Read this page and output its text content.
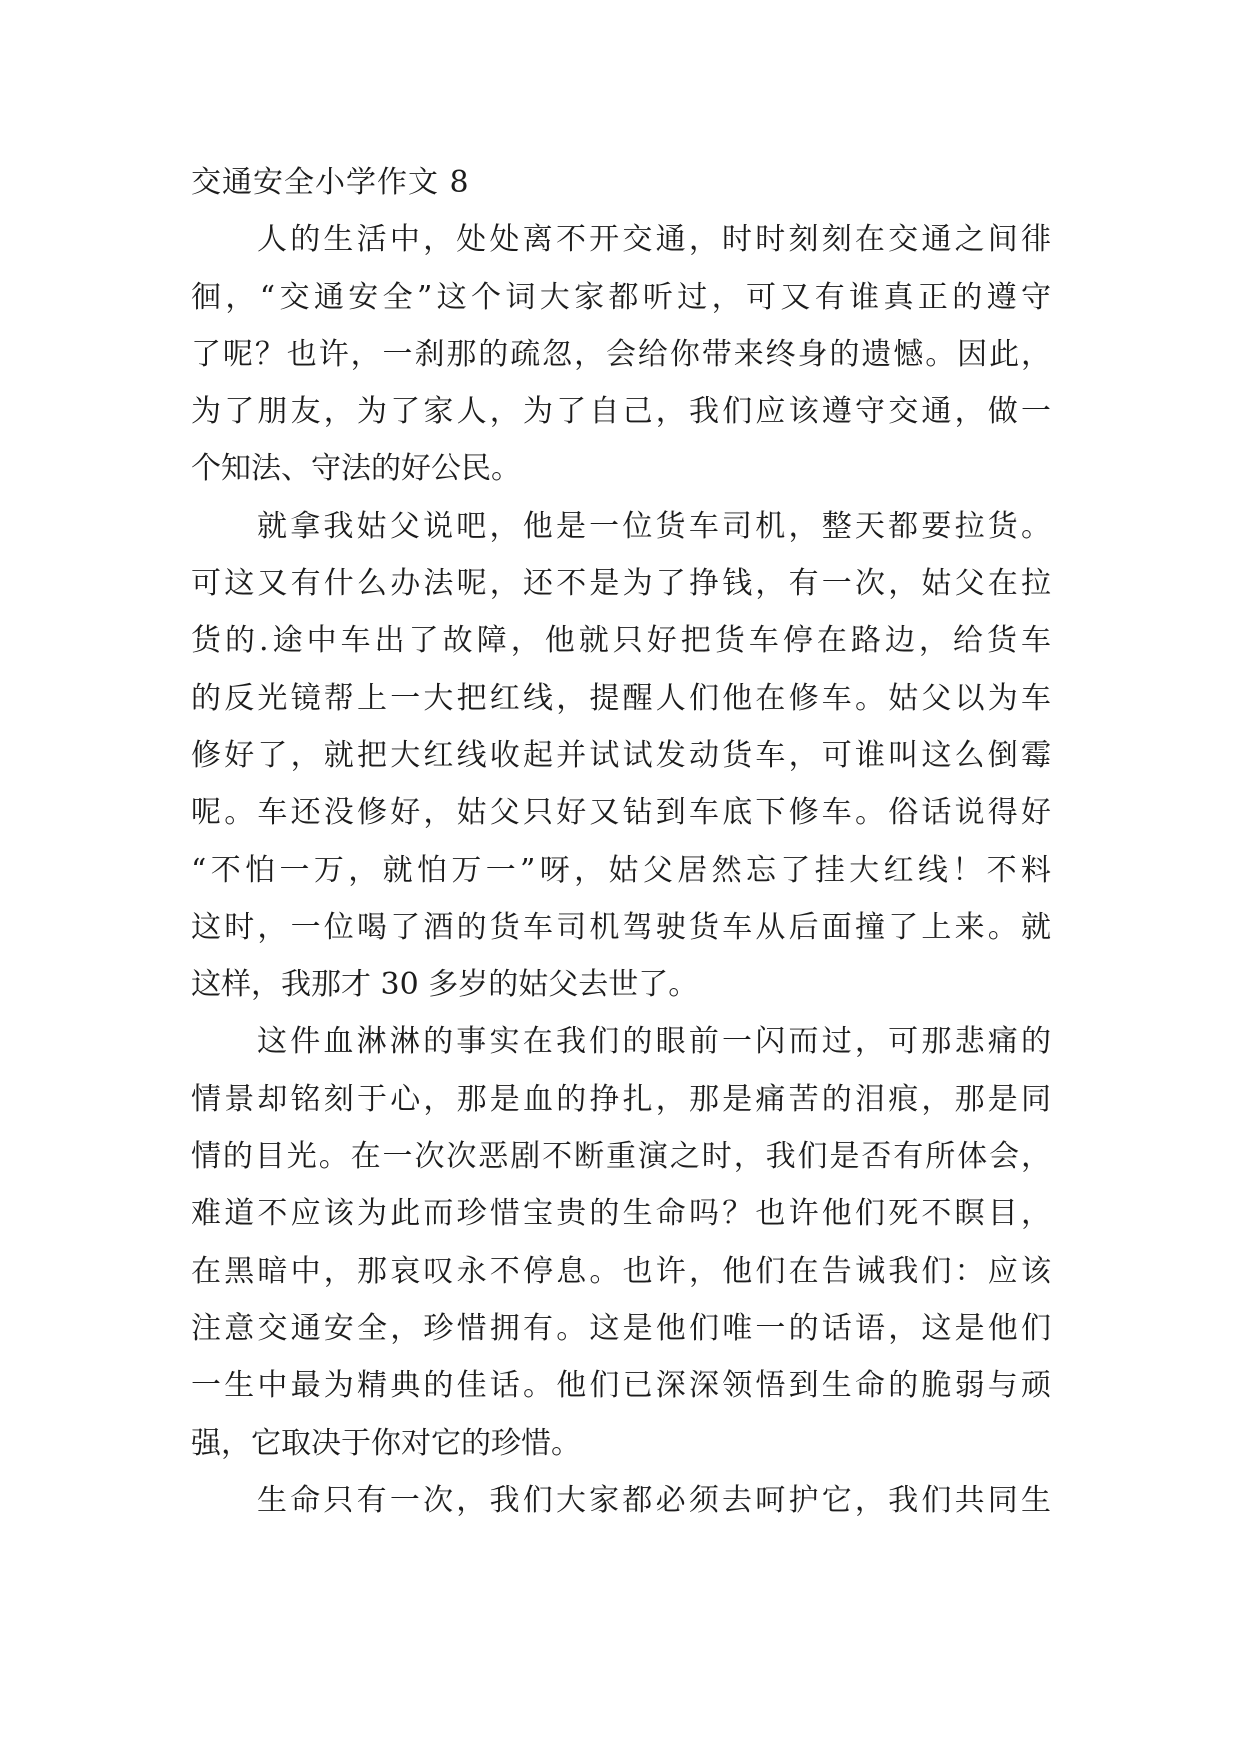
交通安全小学作文 8
人的生活中，处处离不开交通，时时刻刻在交通之间徘
徊，“交通安全”这个词大家都听过，可又有谁真正的遵守
了呢？也许，一刹那的疏忽，会给你带来终身的遗憾。因此，
为了朋友，为了家人，为了自己，我们应该遵守交通，做一
个知法、守法的好公民。
就拿我姑父说吧，他是一位货车司机，整天都要拉货。
可这又有什么办法呢，还不是为了挣钱，有一次，姑父在拉
货的.途中车出了故障，他就只好把货车停在路边，给货车
的反光镜帮上一大把红线，提醒人们他在修车。姑父以为车
修好了，就把大红线收起并试试发动货车，可谁叫这么倒霉
呢。车还没修好，姑父只好又钻到车底下修车。俗话说得好
“不怕一万，就怕万一”呀，姑父居然忘了挂大红线！不料
这时，一位喝了酒的货车司机驾驶货车从后面撞了上来。就
这样，我那才 30 多岁的姑父去世了。
这件血淋淋的事实在我们的眼前一闪而过，可那悲痛的
情景却铭刻于心，那是血的挣扎，那是痛苦的泪痕，那是同
情的目光。在一次次恶剧不断重演之时，我们是否有所体会，
难道不应该为此而珍惜宝贵的生命吗？也许他们死不瞑目，
在黑暗中，那哀叹永不停息。也许，他们在告诫我们：应该
注意交通安全，珍惜拥有。这是他们唯一的话语，这是他们
一生中最为精典的佳话。他们已深深领悟到生命的脆弱与顽
强，它取决于你对它的珍惜。
生命只有一次，我们大家都必须去呵护它，我们共同生
